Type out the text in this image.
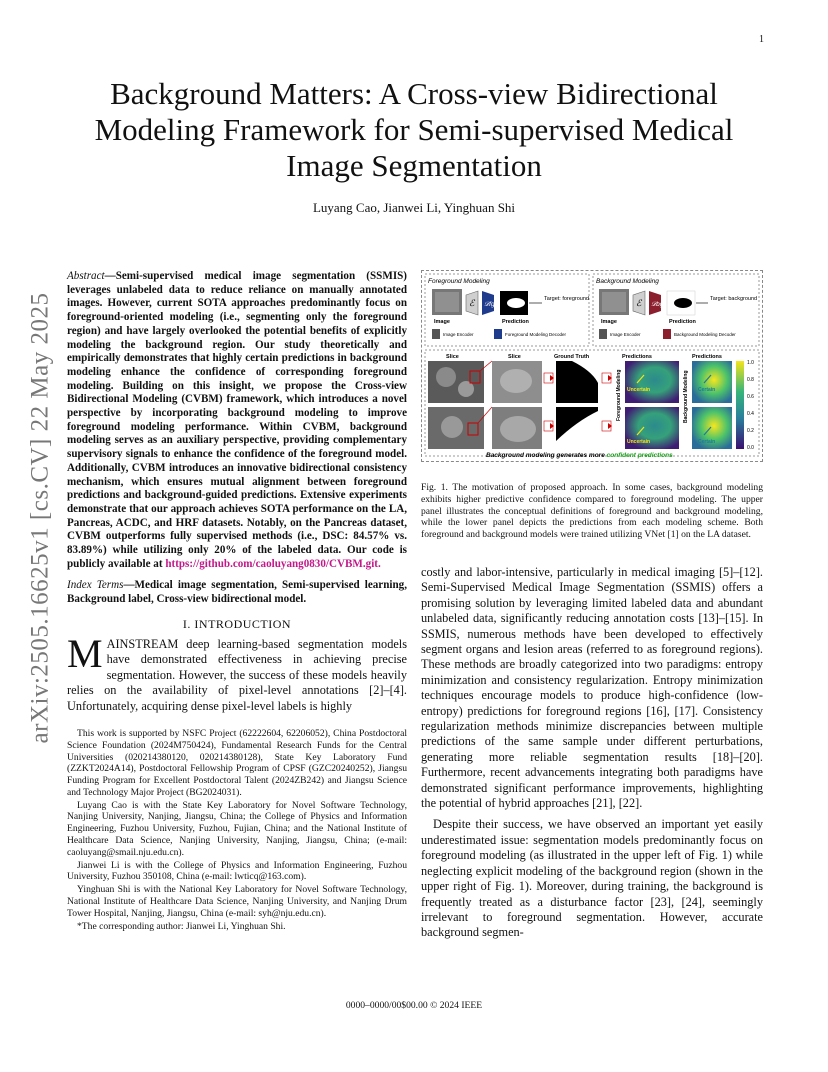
1
arXiv:2505.16625v1 [cs.CV] 22 May 2025
Background Matters: A Cross-view Bidirectional Modeling Framework for Semi-supervised Medical Image Segmentation
Luyang Cao, Jianwei Li, Yinghuan Shi

Abstract—Semi-supervised medical image segmentation (SSMIS) leverages unlabeled data to reduce reliance on manually annotated images. However, current SOTA approaches predominantly focus on foreground-oriented modeling (i.e., segmenting only the foreground region) and have largely overlooked the potential benefits of explicitly modeling the background region. Our study theoretically and empirically demonstrates that highly certain predictions in background modeling enhance the confidence of corresponding foreground modeling. Building on this insight, we propose the Cross-view Bidirectional Modeling (CVBM) framework, which introduces a novel perspective by incorporating background modeling to improve foreground modeling performance. Within CVBM, background modeling serves as an auxiliary perspective, providing complementary supervisory signals to enhance the confidence of the foreground model. Additionally, CVBM introduces an innovative bidirectional consistency mechanism, which ensures mutual alignment between foreground predictions and background-guided predictions. Extensive experiments demonstrate that our approach achieves SOTA performance on the LA, Pancreas, ACDC, and HRF datasets. Notably, on the Pancreas dataset, CVBM outperforms fully supervised methods (i.e., DSC: 84.57% vs. 83.89%) while utilizing only 20% of the labeled data. Our code is publicly available at https://github.com/caoluyang0830/CVBM.git.

Index Terms—Medical image segmentation, Semi-supervised learning, Background label, Cross-view bidirectional model.

I. INTRODUCTION

MAINSTREAM deep learning-based segmentation models have demonstrated effectiveness in achieving precise segmentation. However, the success of these models heavily relies on the availability of pixel-level annotations [2]–[4]. Unfortunately, acquiring dense pixel-level labels is highly

This work is supported by NSFC Project (62222604, 62206052), China Postdoctoral Science Foundation (2024M750424), Fundamental Research Funds for the Central Universities (020214380120, 020214380128), State Key Laboratory Fund (ZZKT2024A14), Postdoctoral Fellowship Program of CPSF (GZC20240252), Jiangsu Funding Program for Excellent Postdoctoral Talent (2024ZB242) and Jiangsu Science and Technology Major Project (BG2024031).

Luyang Cao is with the State Key Laboratory for Novel Software Technology, Nanjing University, Nanjing, Jiangsu, China; the College of Physics and Information Engineering, Fuzhou University, Fuzhou, Fujian, China; and the National Institute of Healthcare Data Science, Nanjing University, Nanjing, Jiangsu, China; (e-mail: caoluyang@smail.nju.edu.cn).

Jianwei Li is with the College of Physics and Information Engineering, Fuzhou University, Fuzhou 350108, China (e-mail: lwticq@163.com).

Yinghuan Shi is with the National Key Laboratory for Novel Software Technology, National Institute of Healthcare Data Science, Nanjing University, and Nanjing Drum Tower Hospital, Nanjing, Jiangsu, China (e-mail: syh@nju.edu.cn).

*The corresponding author: Jianwei Li, Yinghuan Shi.

Foreground Modeling	Background Modeling
ℰ 𝒟fg
Target: foreground
Image	Prediction
Image Encoder	Foreground Modeling Decoder
ℰ 𝒟bg
Target: background
Image	Prediction
Image Encoder	Background Modeling Decoder
Slice	Slice	Ground Truth	Predictions	Predictions
Foreground Modeling Uncertain	Background Modeling Certain
Uncertain	Certain
1.0
0.8
0.6
0.4
0.2
0.0
Background modeling generates more confident predictions

Fig. 1. The motivation of proposed approach. In some cases, background modeling exhibits higher predictive confidence compared to foreground modeling. The upper panel illustrates the conceptual definitions of foreground and background modeling, while the lower panel depicts the predictions from each modeling scheme. Both foreground and background models were trained utilizing VNet [1] on the LA dataset.

costly and labor-intensive, particularly in medical imaging [5]–[12]. Semi-Supervised Medical Image Segmentation (SSMIS) offers a promising solution by leveraging limited labeled data and abundant unlabeled data, significantly reducing annotation costs [13]–[15]. In SSMIS, numerous methods have been developed to effectively segment organs and lesion areas (referred to as foreground regions). These methods are broadly categorized into two paradigms: entropy minimization and consistency regularization. Entropy minimization techniques encourage models to produce high-confidence (low-entropy) predictions for foreground regions [16], [17]. Consistency regularization methods minimize discrepancies between multiple predictions of the same sample under different perturbations, generating more reliable segmentation results [18]–[20]. Furthermore, recent advancements integrating both paradigms have demonstrated significant performance improvements, highlighting the potential of hybrid approaches [21], [22].

Despite their success, we have observed an important yet easily underestimated issue: segmentation models predominantly focus on foreground modeling (as illustrated in the upper left of Fig. 1) while neglecting explicit modeling of the background region (shown in the upper right of Fig. 1). Moreover, during training, the background is frequently treated as a disturbance factor [23], [24], seemingly irrelevant to foreground segmentation. However, accurate background segmen-

0000–0000/00$00.00 © 2024 IEEE
